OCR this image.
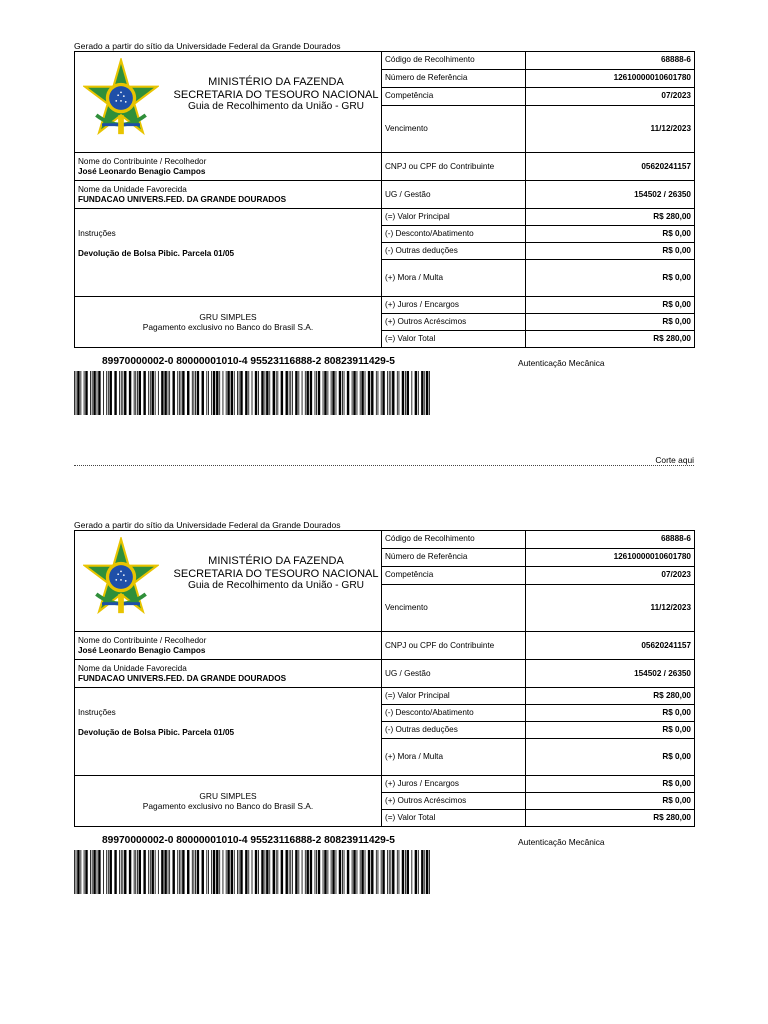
Gerado a partir do sítio da Universidade Federal da Grande Dourados
MINISTÉRIO DA FAZENDA
SECRETARIA DO TESOURO NACIONAL
Guia de Recolhimento da União - GRU	Código de Recolhimento	68888-6
	Número de Referência	12610000010601780
	Competência	07/2023
	Vencimento	11/12/2023

Nome do Contribuinte / Recolhedor
José Leonardo Benagio Campos	CNPJ ou CPF do Contribuinte	05620241157

Nome da Unidade Favorecida
FUNDACAO UNIVERS.FED. DA GRANDE DOURADOS	UG / Gestão	154502 / 26350

Instruções
Devolução de Bolsa Pibic. Parcela 01/05	(=) Valor Principal	R$ 280,00
	(-) Desconto/Abatimento	R$ 0,00
	(-) Outras deduções	R$ 0,00
	(+) Mora / Multa	R$ 0,00

GRU SIMPLES
Pagamento exclusivo no Banco do Brasil S.A.	(+) Juros / Encargos	R$ 0,00
	(+) Outros Acréscimos	R$ 0,00
	(=) Valor Total	R$ 280,00
89970000002-0 80000001010-4 95523116888-2 80823911429-5	Autenticação Mecânica
Corte aqui
Gerado a partir do sítio da Universidade Federal da Grande Dourados
MINISTÉRIO DA FAZENDA
SECRETARIA DO TESOURO NACIONAL
Guia de Recolhimento da União - GRU	Código de Recolhimento	68888-6
	Número de Referência	12610000010601780
	Competência	07/2023
	Vencimento	11/12/2023

Nome do Contribuinte / Recolhedor
José Leonardo Benagio Campos	CNPJ ou CPF do Contribuinte	05620241157

Nome da Unidade Favorecida
FUNDACAO UNIVERS.FED. DA GRANDE DOURADOS	UG / Gestão	154502 / 26350

Instruções
Devolução de Bolsa Pibic. Parcela 01/05	(=) Valor Principal	R$ 280,00
	(-) Desconto/Abatimento	R$ 0,00
	(-) Outras deduções	R$ 0,00
	(+) Mora / Multa	R$ 0,00

GRU SIMPLES
Pagamento exclusivo no Banco do Brasil S.A.	(+) Juros / Encargos	R$ 0,00
	(+) Outros Acréscimos	R$ 0,00
	(=) Valor Total	R$ 280,00
89970000002-0 80000001010-4 95523116888-2 80823911429-5	Autenticação Mecânica
